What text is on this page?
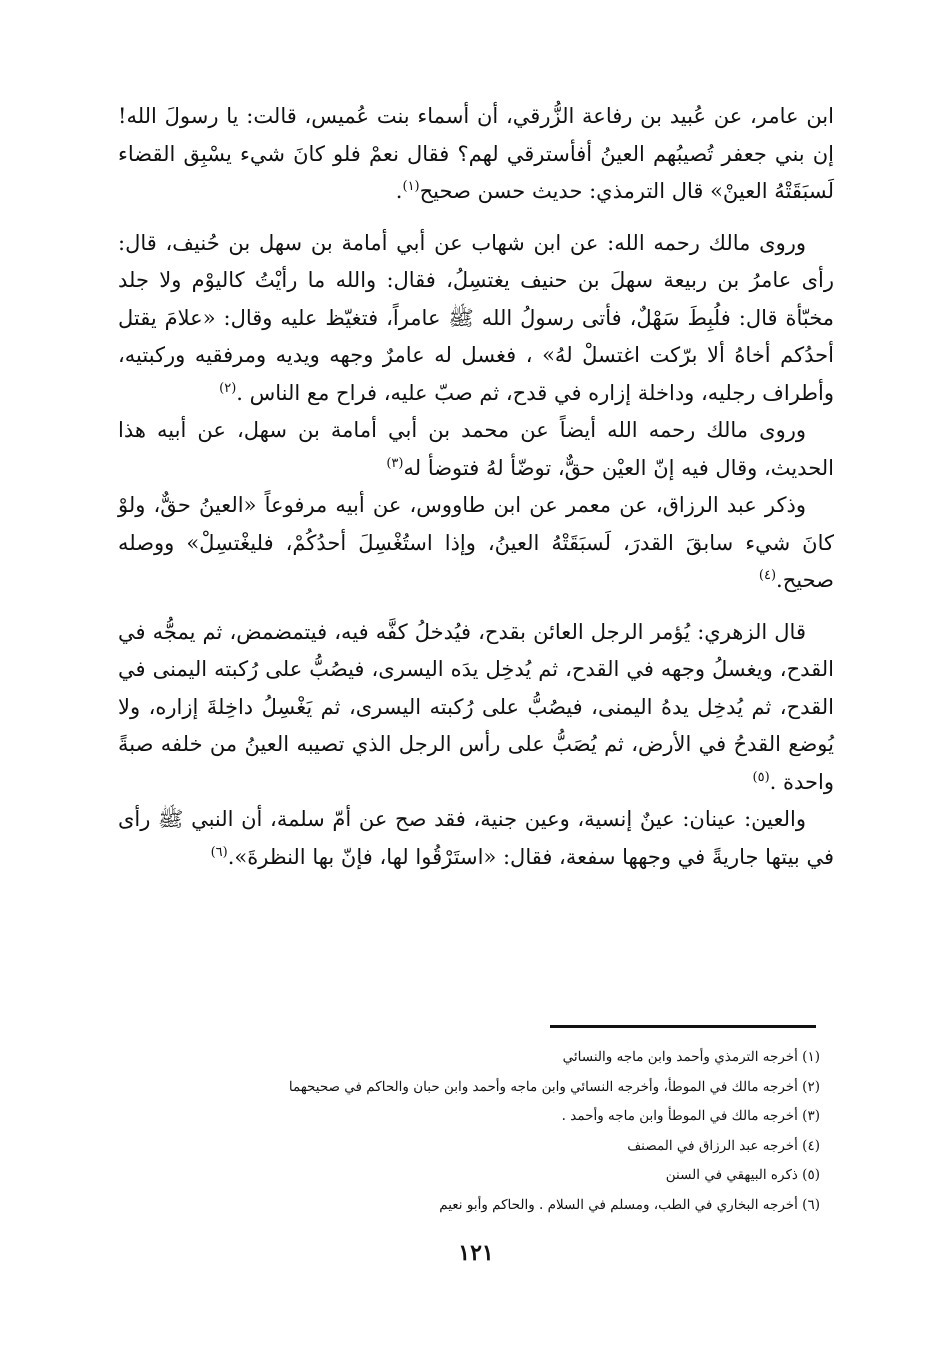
ابن عامر، عن عُبيد بن رفاعة الزُّرقي، أن أسماء بنت عُميس، قالت: يا رسولَ الله! إن بني جعفر تُصيبُهم العينُ أفأسترقي لهم؟ فقال نعمْ فلو كانَ شيء يسْبِق القضاء لَسبَقَتْهُ العينْ» قال الترمذي: حديث حسن صحيح$^{(١)}$.

وروى مالك رحمه الله: عن ابن شهاب عن أبي أمامة بن سهل بن حُنيف، قال: رأى عامرُ بن ربيعة سهلَ بن حنيف يغتسِلُ، فقال: والله ما رأيْتُ كاليوْم ولا جلد مخبّأة قال: فلُبِطَ سَهْلٌ، فأتى رسولُ الله ﷺ عامراً، فتغيّظ عليه وقال: «علامَ يقتل أحدُكم أخاهُ ألا برّكت اغتسلْ لهُ» ، فغسل له عامرٌ وجهه ويديه ومرفقيه وركبتيه، وأطراف رجليه، وداخلة إزاره في قدح، ثم صبّ عليه، فراح مع الناس .$^{(٢)}$

وروى مالك رحمه الله أيضاً عن محمد بن أبي أمامة بن سهل، عن أبيه هذا الحديث، وقال فيه إنّ العيْن حقٌّ، توضّأ لهُ فتوضأ له$^{(٣)}$

وذكر عبد الرزاق، عن معمر عن ابن طاووس، عن أبيه مرفوعاً «العينُ حقٌّ، ولوْ كانَ شيء سابقَ القدرَ، لَسبَقَتْهُ العينُ، وإذا استُغْسِلَ أحدُكُمْ، فليغْتسِلْ» ووصله صحيح.$^{(٤)}$

قال الزهري: يُؤمر الرجل العائن بقدح، فيُدخلُ كفَّه فيه، فيتمضمض، ثم يمجُّه في القدح، ويغسلُ وجهه في القدح، ثم يُدخِل يدَه اليسرى، فيصُبُّ على رُكبته اليمنى في القدح، ثم يُدخِل يدهُ اليمنى، فيصُبُّ على رُكبته اليسرى، ثم يَغْسِلُ داخِلةَ إزاره، ولا يُوضع القدحُ في الأرض، ثم يُصَبُّ على رأس الرجل الذي تصيبه العينُ من خلفه صبةً واحدة .$^{(٥)}$

والعين: عينان: عينٌ إنسية، وعين جنية، فقد صح عن أمّ سلمة، أن النبي ﷺ رأى في بيتها جاريةً في وجهها سفعة، فقال: «استَرْقُوا لها، فإنّ بها النظرةَ».$^{(٦)}$

(١) أخرجه الترمذي وأحمد وابن ماجه والنسائي

(٢) أخرجه مالك في الموطأ، وأخرجه النسائي وابن ماجه وأحمد وابن حبان والحاكم في صحيحهما

(٣) أخرجه مالك في الموطأ وابن ماجه وأحمد .

(٤) أخرجه عبد الرزاق في المصنف

(٥) ذكره البيهقي في السنن

(٦) أخرجه البخاري في الطب، ومسلم في السلام . والحاكم وأبو نعيم

١٢١
